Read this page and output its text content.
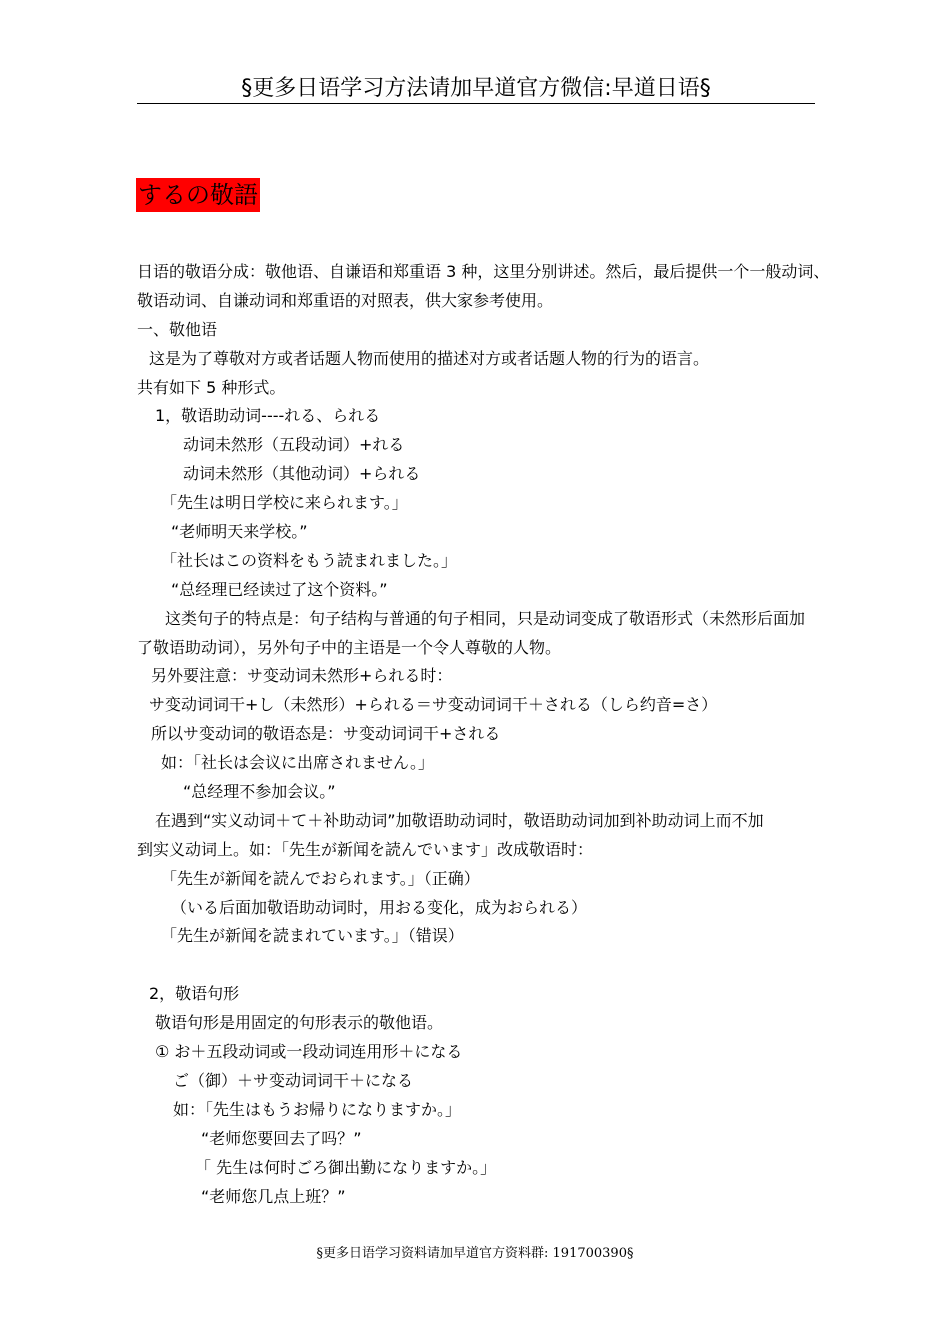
§更多日语学习方法请加早道官方微信:早道日语§
するの敬語
日语的敬语分成：敬他语、自谦语和郑重语 3 种，这里分别讲述。然后，最后提供一个一般动词、
敬语动词、自谦动词和郑重语的对照表，供大家参考使用。
一、敬他语
这是为了尊敬对方或者话题人物而使用的描述对方或者话题人物的行为的语言。
共有如下 5 种形式。
1，敬语助动词----れる、られる
动词未然形（五段动词）+れる
动词未然形（其他动词）+られる
「先生は明日学校に来られます。」
“老师明天来学校。”
「社长はこの资料をもう読まれました。」
“总经理已经读过了这个资料。”
这类句子的特点是：句子结构与普通的句子相同，只是动词变成了敬语形式（未然形后面加
了敬语助动词），另外句子中的主语是一个令人尊敬的人物。
另外要注意：サ变动词未然形+られる时：
サ变动词词干+し（未然形）+られる＝サ变动词词干＋される（しら约音=さ）
所以サ变动词的敬语态是：サ变动词词干+される
如：「社长は会议に出席されません。」
“总经理不参加会议。”
在遇到“实义动词＋て＋补助动词”加敬语助动词时，敬语助动词加到补助动词上而不加
到实义动词上。如：「先生が新闻を読んでいます」改成敬语时：
「先生が新闻を読んでおられます。」（正确）
（いる后面加敬语助动词时，用おる变化，成为おられる）
「先生が新闻を読まれています。」（错误）
2，敬语句形
敬语句形是用固定的句形表示的敬他语。
① お＋五段动词或一段动词连用形＋になる
ご（御）＋サ变动词词干＋になる
如：「先生はもうお帰りになりますか。」
“老师您要回去了吗？”
「 先生は何时ごろ御出勤になりますか。」
“老师您几点上班？”
§更多日语学习资料请加早道官方资料群: 191700390§
